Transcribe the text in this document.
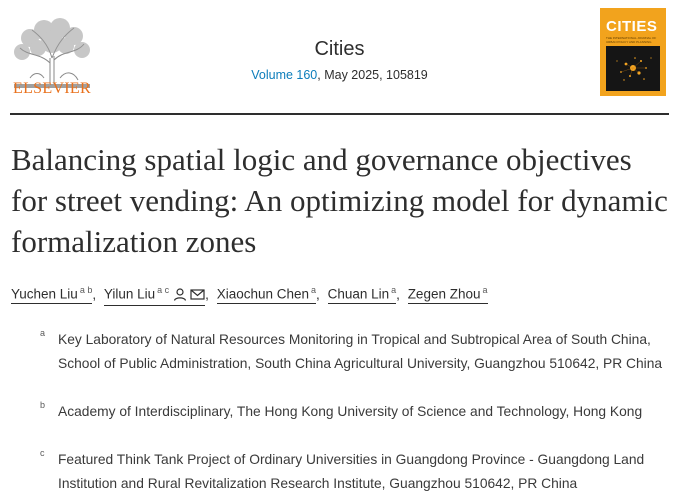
ELSEVIER
Cities
Volume 160, May 2025, 105819
CITIES
THE INTERNATIONAL JOURNAL OF URBAN POLICY AND PLANNING
Balancing spatial logic and governance objectives for street vending: An optimizing model for dynamic formalization zones
Yuchen Liu $^{a b}$, Yilun Liu $^{a c}$	, Xiaochun Chen $^a$, Chuan Lin $^a$, Zegen Zhou $^a$
a Key Laboratory of Natural Resources Monitoring in Tropical and Subtropical Area of South China, School of Public Administration, South China Agricultural University, Guangzhou 510642, PR China
b Academy of Interdisciplinary, The Hong Kong University of Science and Technology, Hong Kong
c Featured Think Tank Project of Ordinary Universities in Guangdong Province - Guangdong Land Institution and Rural Revitalization Research Institute, Guangzhou 510642, PR China
